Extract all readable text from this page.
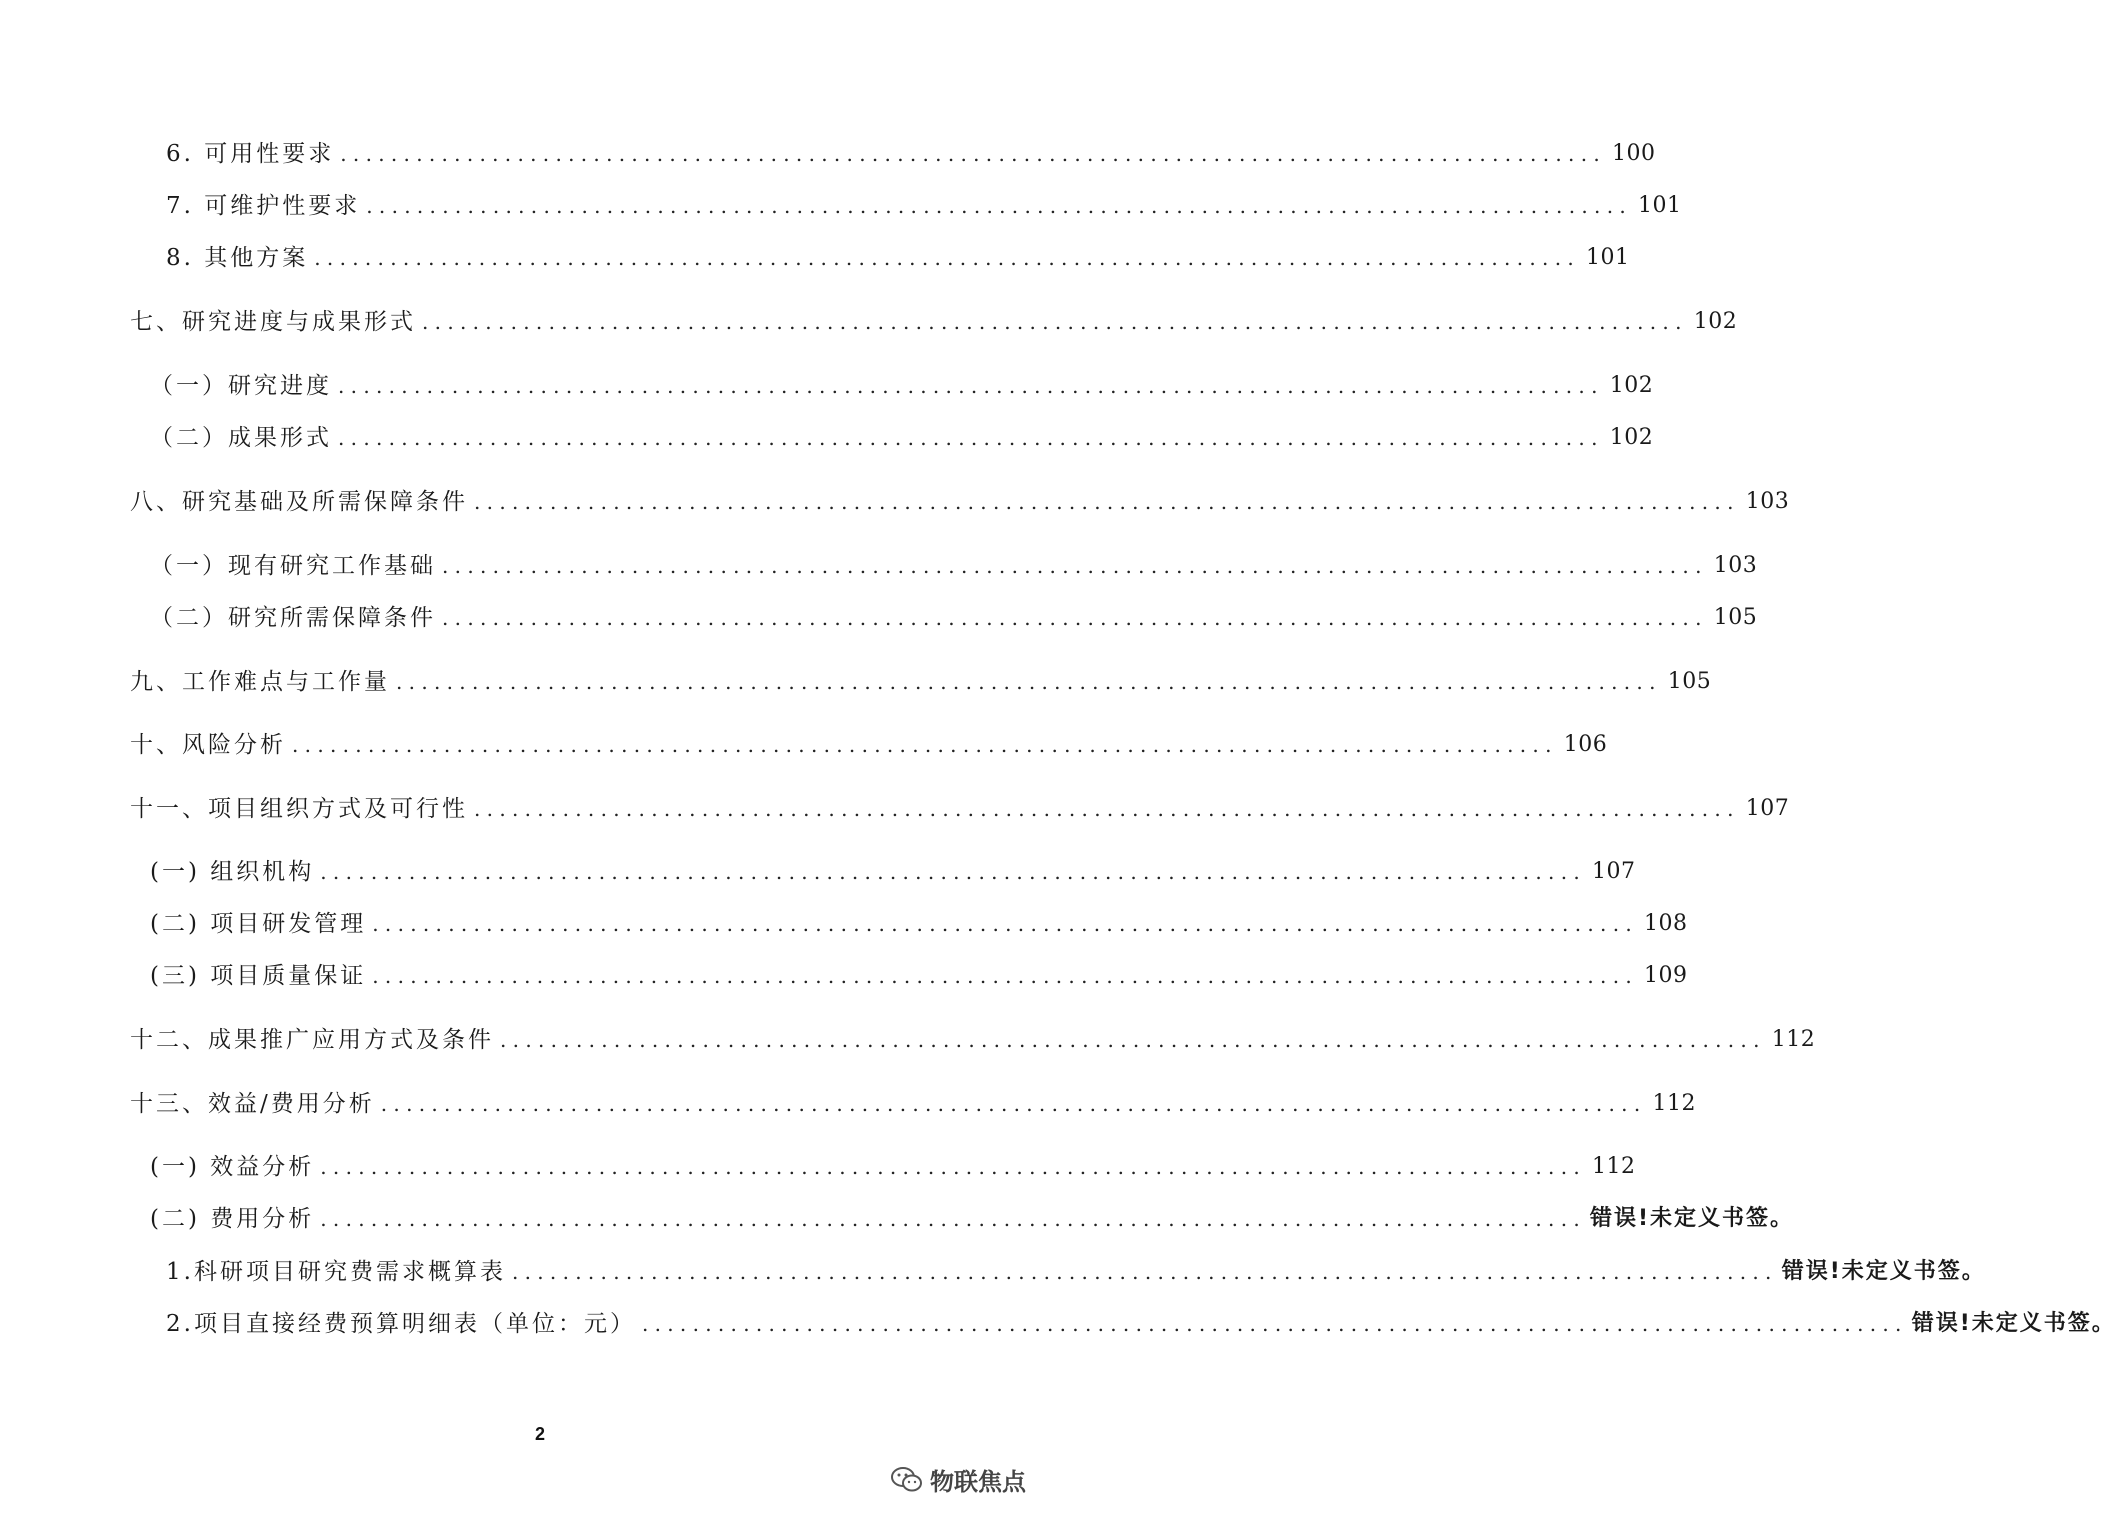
6. 可用性要求 .................................................................................................... 100
7. 可维护性要求 .................................................................................................... 101
8. 其他方案 .................................................................................................... 101
七、研究进度与成果形式 .................................................................................................... 102
（一）研究进度 .................................................................................................... 102
（二）成果形式 .................................................................................................... 102
八、研究基础及所需保障条件 .................................................................................................... 103
（一）现有研究工作基础 .................................................................................................... 103
（二）研究所需保障条件 .................................................................................................... 105
九、工作难点与工作量 .................................................................................................... 105
十、风险分析 .................................................................................................... 106
十一、项目组织方式及可行性 .................................................................................................... 107
(一) 组织机构 .................................................................................................... 107
(二) 项目研发管理 .................................................................................................... 108
(三) 项目质量保证 .................................................................................................... 109
十二、成果推广应用方式及条件 .................................................................................................... 112
十三、效益/费用分析 .................................................................................................... 112
(一) 效益分析 .................................................................................................... 112
(二) 费用分析 .................................................................................................... 错误!未定义书签。
1.科研项目研究费需求概算表 .................................................................................................... 错误!未定义书签。
2.项目直接经费预算明细表（单位：元） .................................................................................................... 错误!未定义书签。
2
物联焦点
